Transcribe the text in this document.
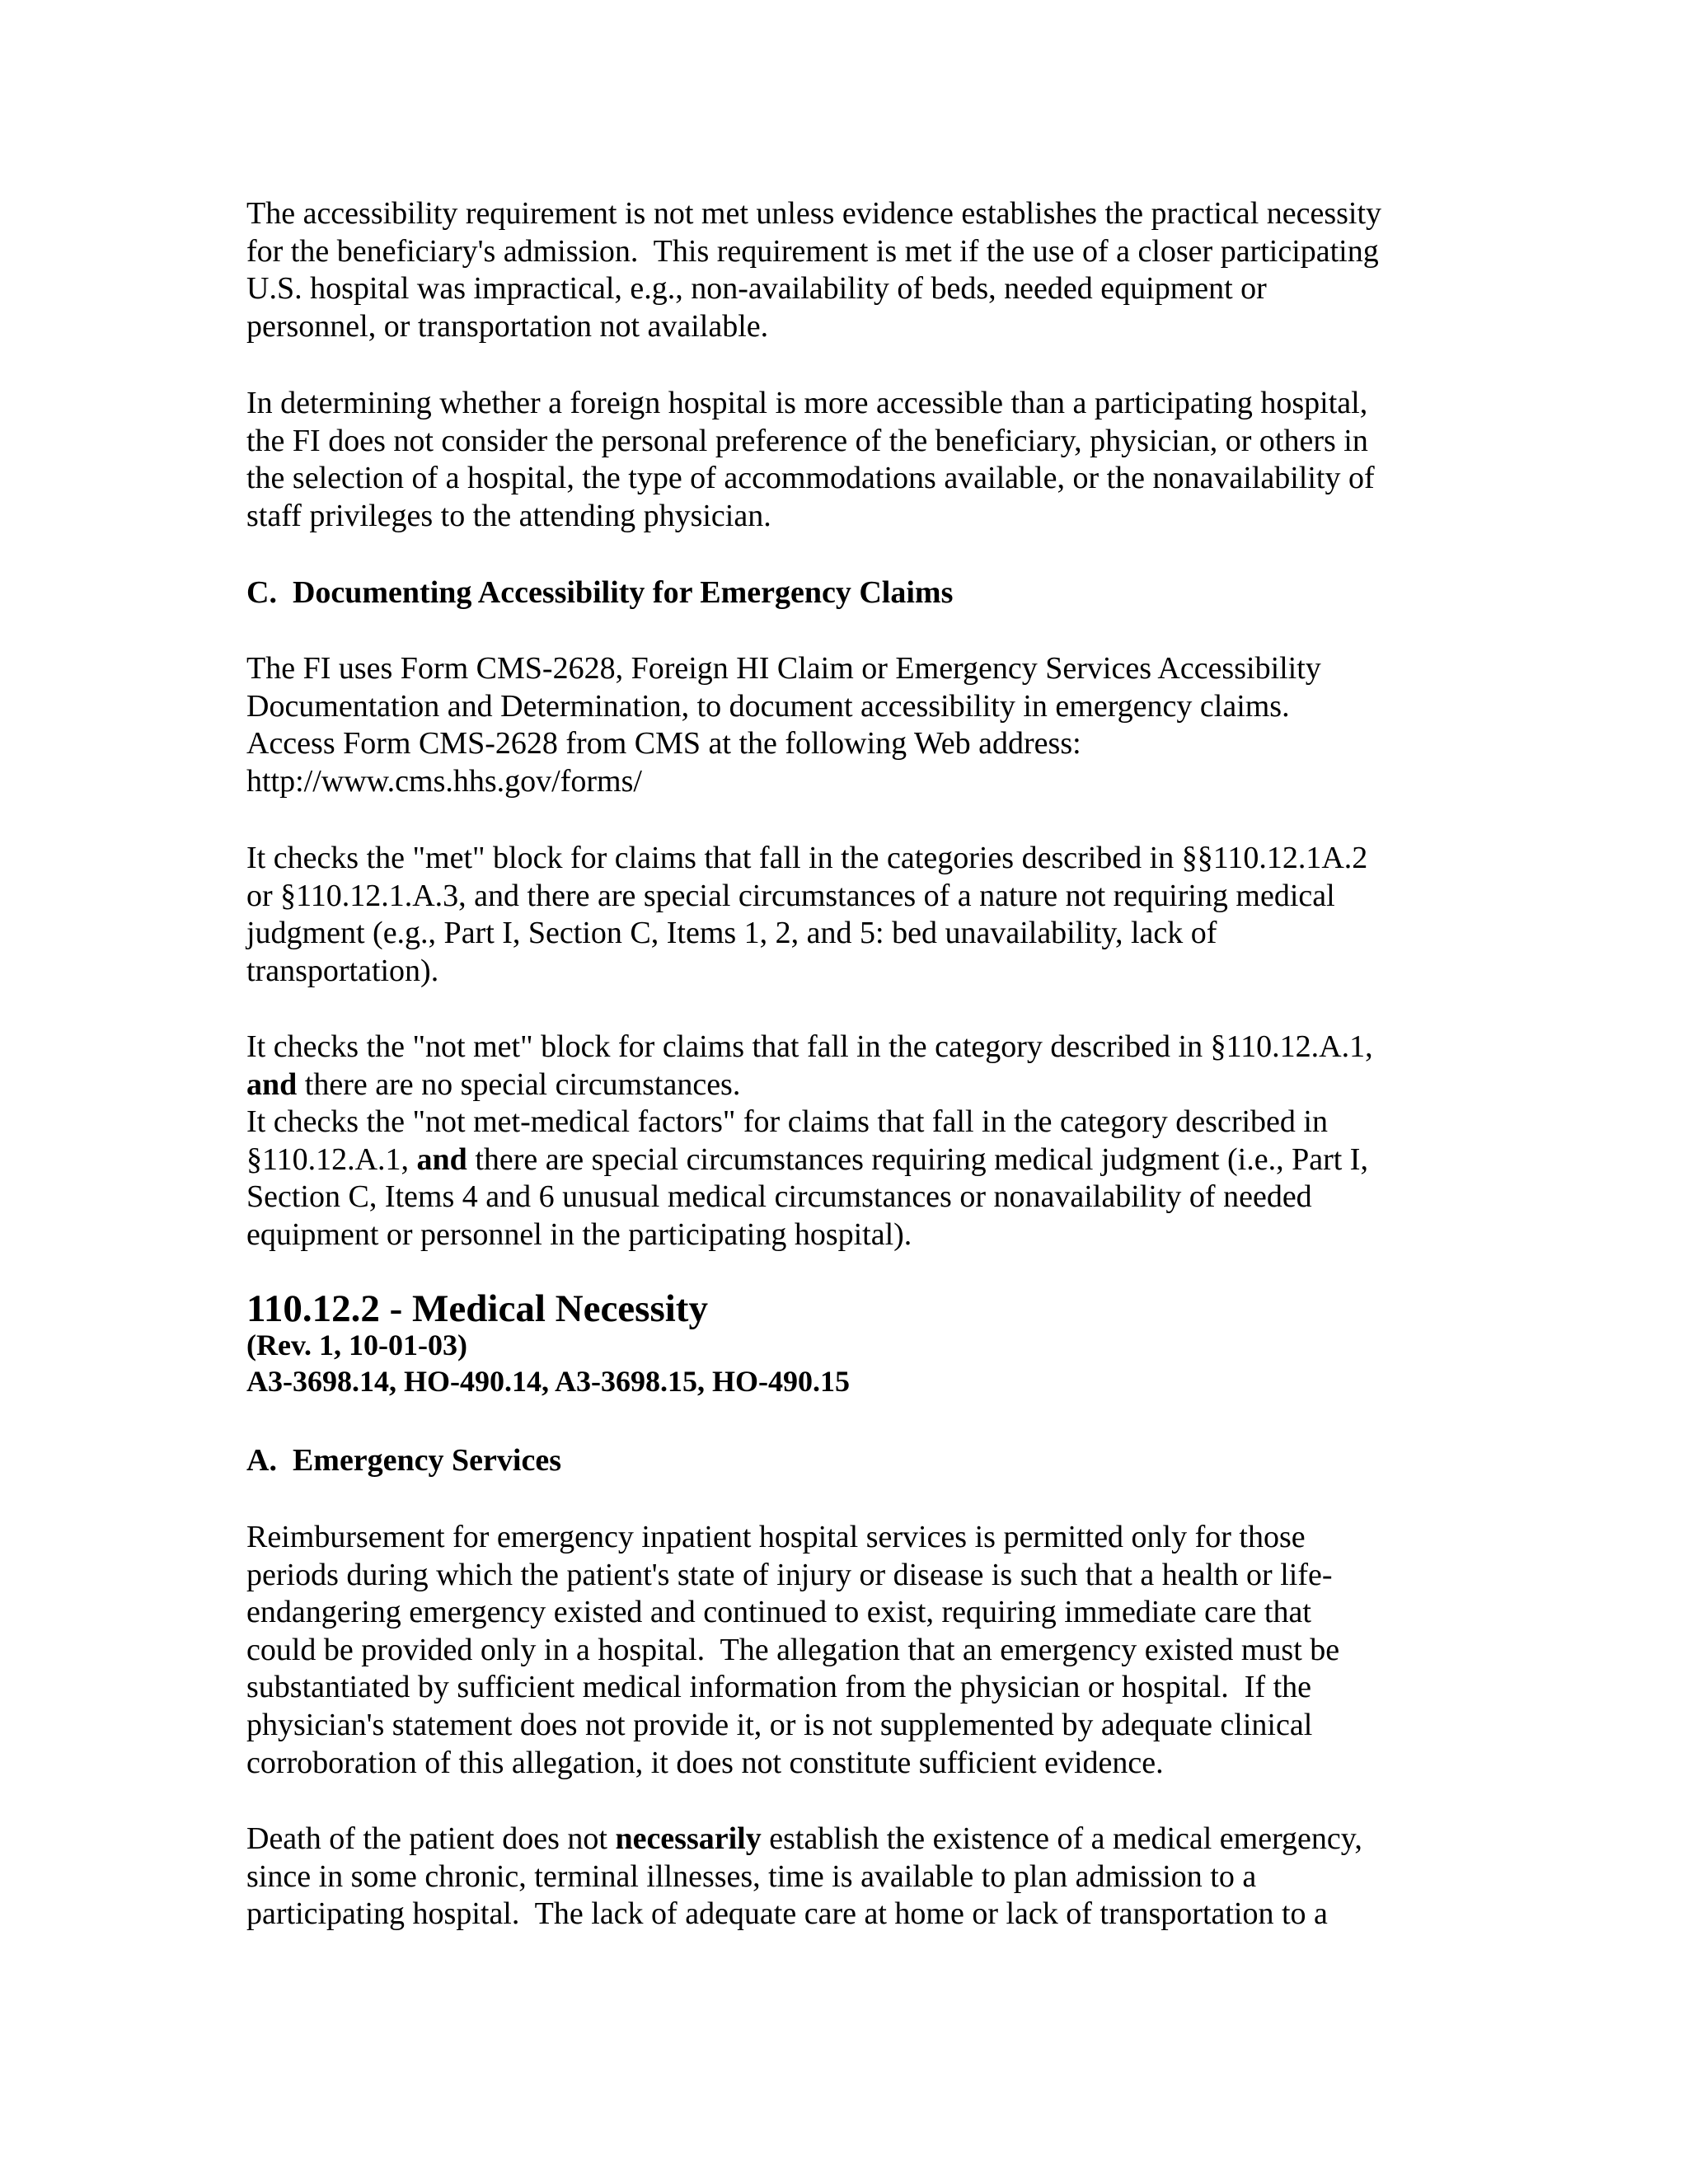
The accessibility requirement is not met unless evidence establishes the practical necessity
for the beneficiary's admission.  This requirement is met if the use of a closer participating
U.S. hospital was impractical, e.g., non-availability of beds, needed equipment or
personnel, or transportation not available.
In determining whether a foreign hospital is more accessible than a participating hospital,
the FI does not consider the personal preference of the beneficiary, physician, or others in
the selection of a hospital, the type of accommodations available, or the nonavailability of
staff privileges to the attending physician.
C.  Documenting Accessibility for Emergency Claims
The FI uses Form CMS-2628, Foreign HI Claim or Emergency Services Accessibility
Documentation and Determination, to document accessibility in emergency claims.
Access Form CMS-2628 from CMS at the following Web address:
http://www.cms.hhs.gov/forms/
It checks the "met" block for claims that fall in the categories described in §§110.12.1A.2
or §110.12.1.A.3, and there are special circumstances of a nature not requiring medical
judgment (e.g., Part I, Section C, Items 1, 2, and 5: bed unavailability, lack of
transportation).
It checks the "not met" block for claims that fall in the category described in §110.12.A.1,
and there are no special circumstances.
It checks the "not met-medical factors" for claims that fall in the category described in
§110.12.A.1, and there are special circumstances requiring medical judgment (i.e., Part I,
Section C, Items 4 and 6 unusual medical circumstances or nonavailability of needed
equipment or personnel in the participating hospital).
110.12.2 - Medical Necessity
(Rev. 1, 10-01-03)
A3-3698.14, HO-490.14, A3-3698.15, HO-490.15
A.  Emergency Services
Reimbursement for emergency inpatient hospital services is permitted only for those
periods during which the patient's state of injury or disease is such that a health or life-
endangering emergency existed and continued to exist, requiring immediate care that
could be provided only in a hospital.  The allegation that an emergency existed must be
substantiated by sufficient medical information from the physician or hospital.  If the
physician's statement does not provide it, or is not supplemented by adequate clinical
corroboration of this allegation, it does not constitute sufficient evidence.
Death of the patient does not necessarily establish the existence of a medical emergency,
since in some chronic, terminal illnesses, time is available to plan admission to a
participating hospital.  The lack of adequate care at home or lack of transportation to a
